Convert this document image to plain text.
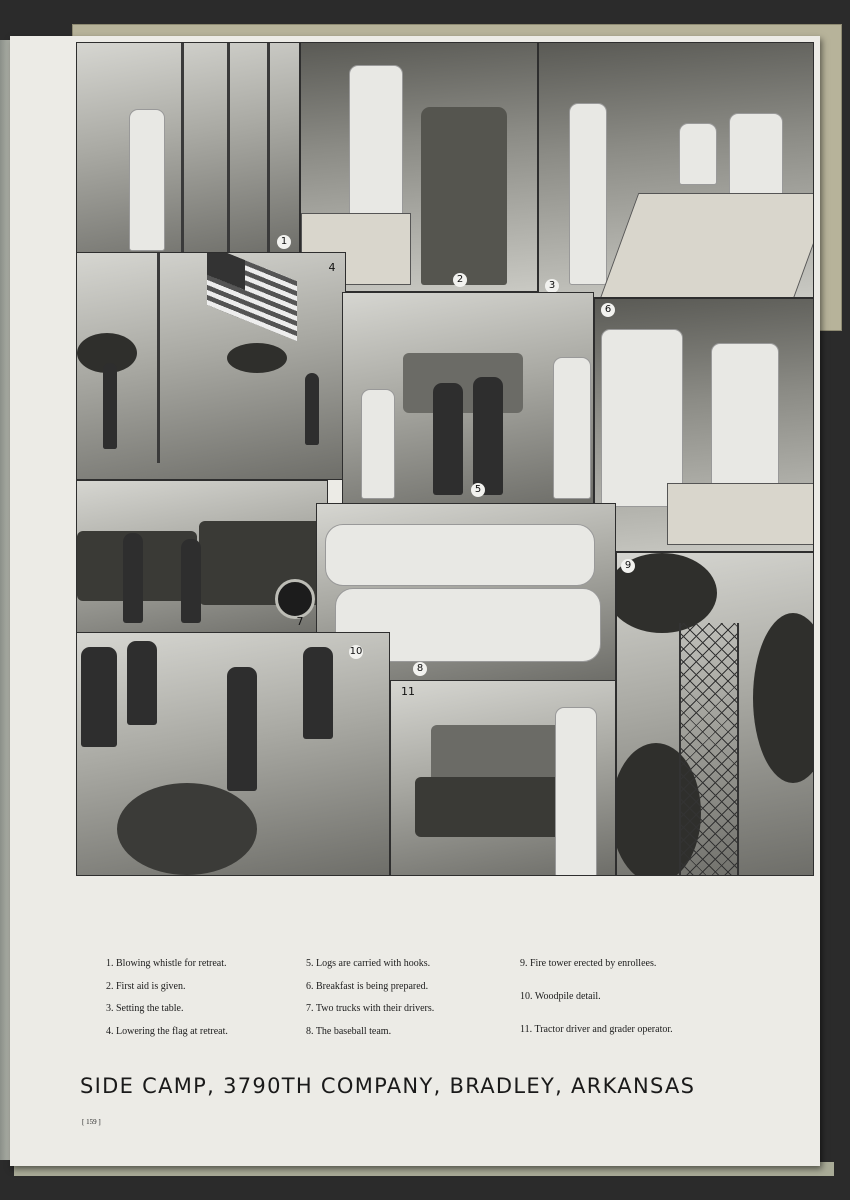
1
2
3
4
5
6
7
8
9
10
11
1. Blowing whistle for retreat.
2. First aid is given.
3. Setting the table.
4. Lowering the flag at retreat.
5. Logs are carried with hooks.
6. Breakfast is being prepared.
7. Two trucks with their drivers.
8. The baseball team.
9. Fire tower erected by enrollees.
10. Woodpile detail.
11. Tractor driver and grader operator.
SIDE CAMP, 3790TH COMPANY, BRADLEY, ARKANSAS
[ 159 ]
